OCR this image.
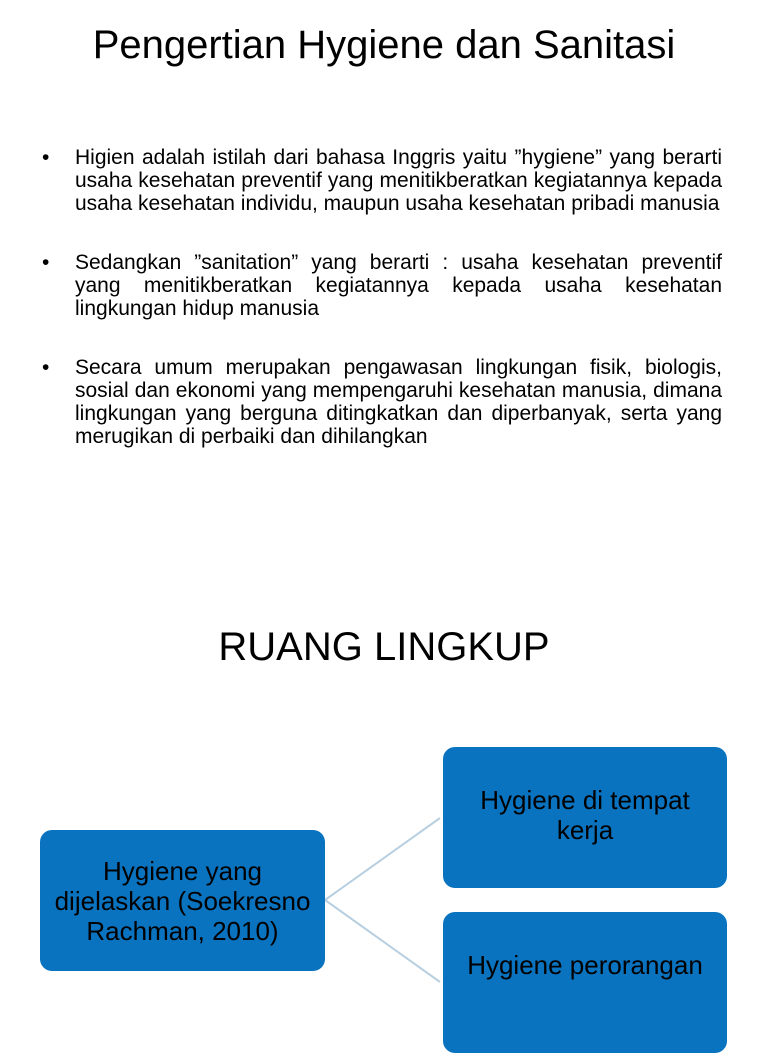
Pengertian Hygiene dan Sanitasi
•	Higien adalah istilah dari bahasa Inggris yaitu ”hygiene” yang berarti usaha kesehatan preventif yang menitikberatkan kegiatannya kepada usaha kesehatan individu, maupun usaha kesehatan pribadi manusia
•	Sedangkan ”sanitation” yang berarti : usaha kesehatan preventif yang menitikberatkan kegiatannya kepada usaha kesehatan lingkungan hidup manusia
•	Secara umum merupakan pengawasan lingkungan fisik, biologis, sosial dan ekonomi yang mempengaruhi kesehatan manusia, dimana lingkungan yang berguna ditingkatkan dan diperbanyak, serta yang merugikan di perbaiki dan dihilangkan
RUANG LINGKUP
Hygiene yang dijelaskan (Soekresno Rachman, 2010)
Hygiene di tempat kerja
Hygiene perorangan
